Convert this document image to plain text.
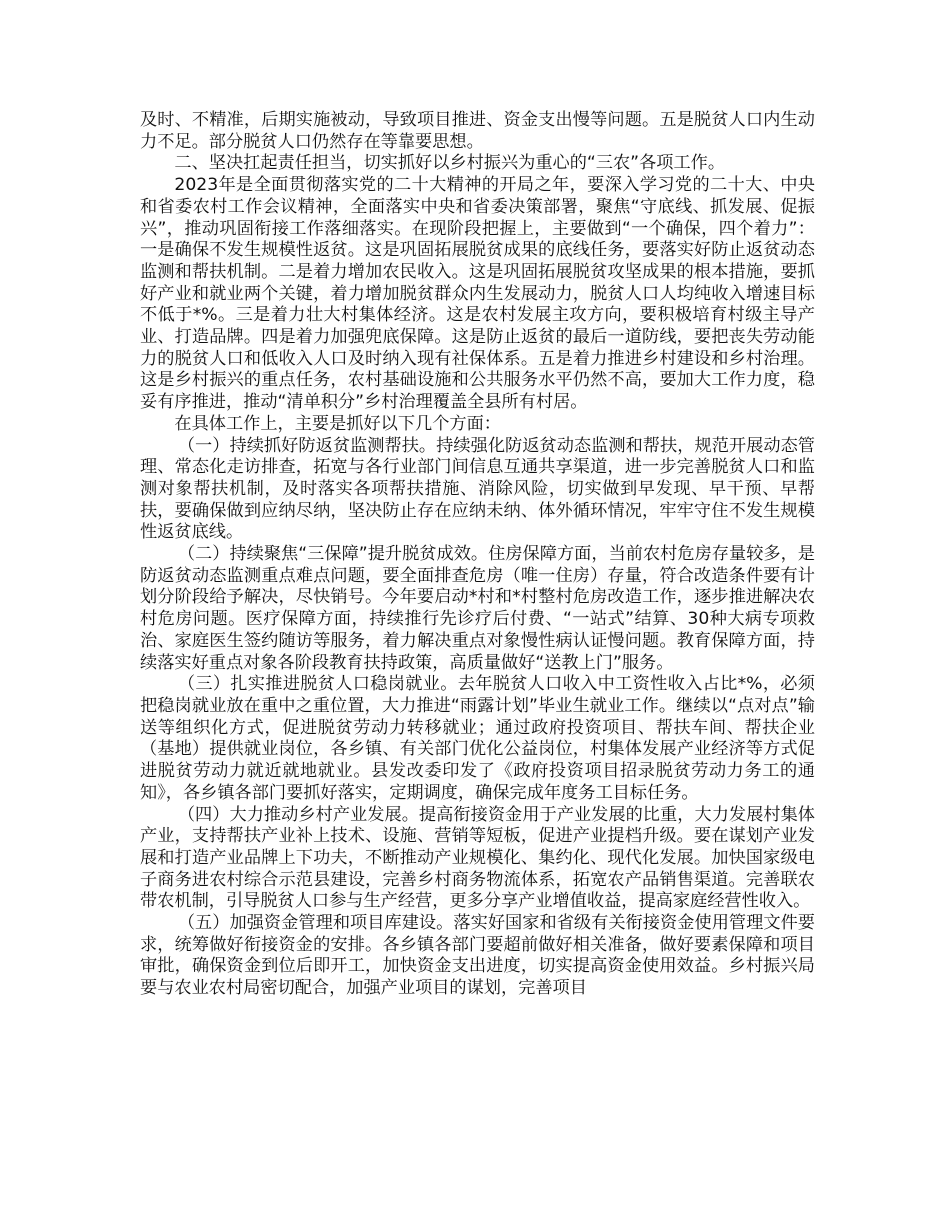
及时、不精准，后期实施被动，导致项目推进、资金支出慢等问题。五是脱贫人口内生动力不足。部分脱贫人口仍然存在等靠要思想。

二、坚决扛起责任担当，切实抓好以乡村振兴为重心的“三农”各项工作。

2023年是全面贯彻落实党的二十大精神的开局之年，要深入学习党的二十大、中央和省委农村工作会议精神，全面落实中央和省委决策部署，聚焦“守底线、抓发展、促振兴”，推动巩固衔接工作落细落实。在现阶段把握上，主要做到“一个确保，四个着力”：一是确保不发生规模性返贫。这是巩固拓展脱贫成果的底线任务，要落实好防止返贫动态监测和帮扶机制。二是着力增加农民收入。这是巩固拓展脱贫攻坚成果的根本措施，要抓好产业和就业两个关键，着力增加脱贫群众内生发展动力，脱贫人口人均纯收入增速目标不低于*%。三是着力壮大村集体经济。这是农村发展主攻方向，要积极培育村级主导产业、打造品牌。四是着力加强兜底保障。这是防止返贫的最后一道防线，要把丧失劳动能力的脱贫人口和低收入人口及时纳入现有社保体系。五是着力推进乡村建设和乡村治理。这是乡村振兴的重点任务，农村基础设施和公共服务水平仍然不高，要加大工作力度，稳妥有序推进，推动“清单积分”乡村治理覆盖全县所有村居。

在具体工作上，主要是抓好以下几个方面：

（一）持续抓好防返贫监测帮扶。持续强化防返贫动态监测和帮扶，规范开展动态管理、常态化走访排查，拓宽与各行业部门间信息互通共享渠道，进一步完善脱贫人口和监测对象帮扶机制，及时落实各项帮扶措施、消除风险，切实做到早发现、早干预、早帮扶，要确保做到应纳尽纳，坚决防止存在应纳未纳、体外循环情况，牢牢守住不发生规模性返贫底线。

（二）持续聚焦“三保障”提升脱贫成效。住房保障方面，当前农村危房存量较多，是防返贫动态监测重点难点问题，要全面排查危房（唯一住房）存量，符合改造条件要有计划分阶段给予解决，尽快销号。今年要启动*村和*村整村危房改造工作，逐步推进解决农村危房问题。医疗保障方面，持续推行先诊疗后付费、“一站式”结算、30种大病专项救治、家庭医生签约随访等服务，着力解决重点对象慢性病认证慢问题。教育保障方面，持续落实好重点对象各阶段教育扶持政策，高质量做好“送教上门”服务。

（三）扎实推进脱贫人口稳岗就业。去年脱贫人口收入中工资性收入占比*%，必须把稳岗就业放在重中之重位置，大力推进“雨露计划”毕业生就业工作。继续以“点对点”输送等组织化方式，促进脱贫劳动力转移就业；通过政府投资项目、帮扶车间、帮扶企业（基地）提供就业岗位，各乡镇、有关部门优化公益岗位，村集体发展产业经济等方式促进脱贫劳动力就近就地就业。县发改委印发了《政府投资项目招录脱贫劳动力务工的通知》，各乡镇各部门要抓好落实，定期调度，确保完成年度务工目标任务。

（四）大力推动乡村产业发展。提高衔接资金用于产业发展的比重，大力发展村集体产业，支持帮扶产业补上技术、设施、营销等短板，促进产业提档升级。要在谋划产业发展和打造产业品牌上下功夫，不断推动产业规模化、集约化、现代化发展。加快国家级电子商务进农村综合示范县建设，完善乡村商务物流体系，拓宽农产品销售渠道。完善联农带农机制，引导脱贫人口参与生产经营，更多分享产业增值收益，提高家庭经营性收入。

（五）加强资金管理和项目库建设。落实好国家和省级有关衔接资金使用管理文件要求，统筹做好衔接资金的安排。各乡镇各部门要超前做好相关准备，做好要素保障和项目审批，确保资金到位后即开工，加快资金支出进度，切实提高资金使用效益。乡村振兴局要与农业农村局密切配合，加强产业项目的谋划，完善项目
